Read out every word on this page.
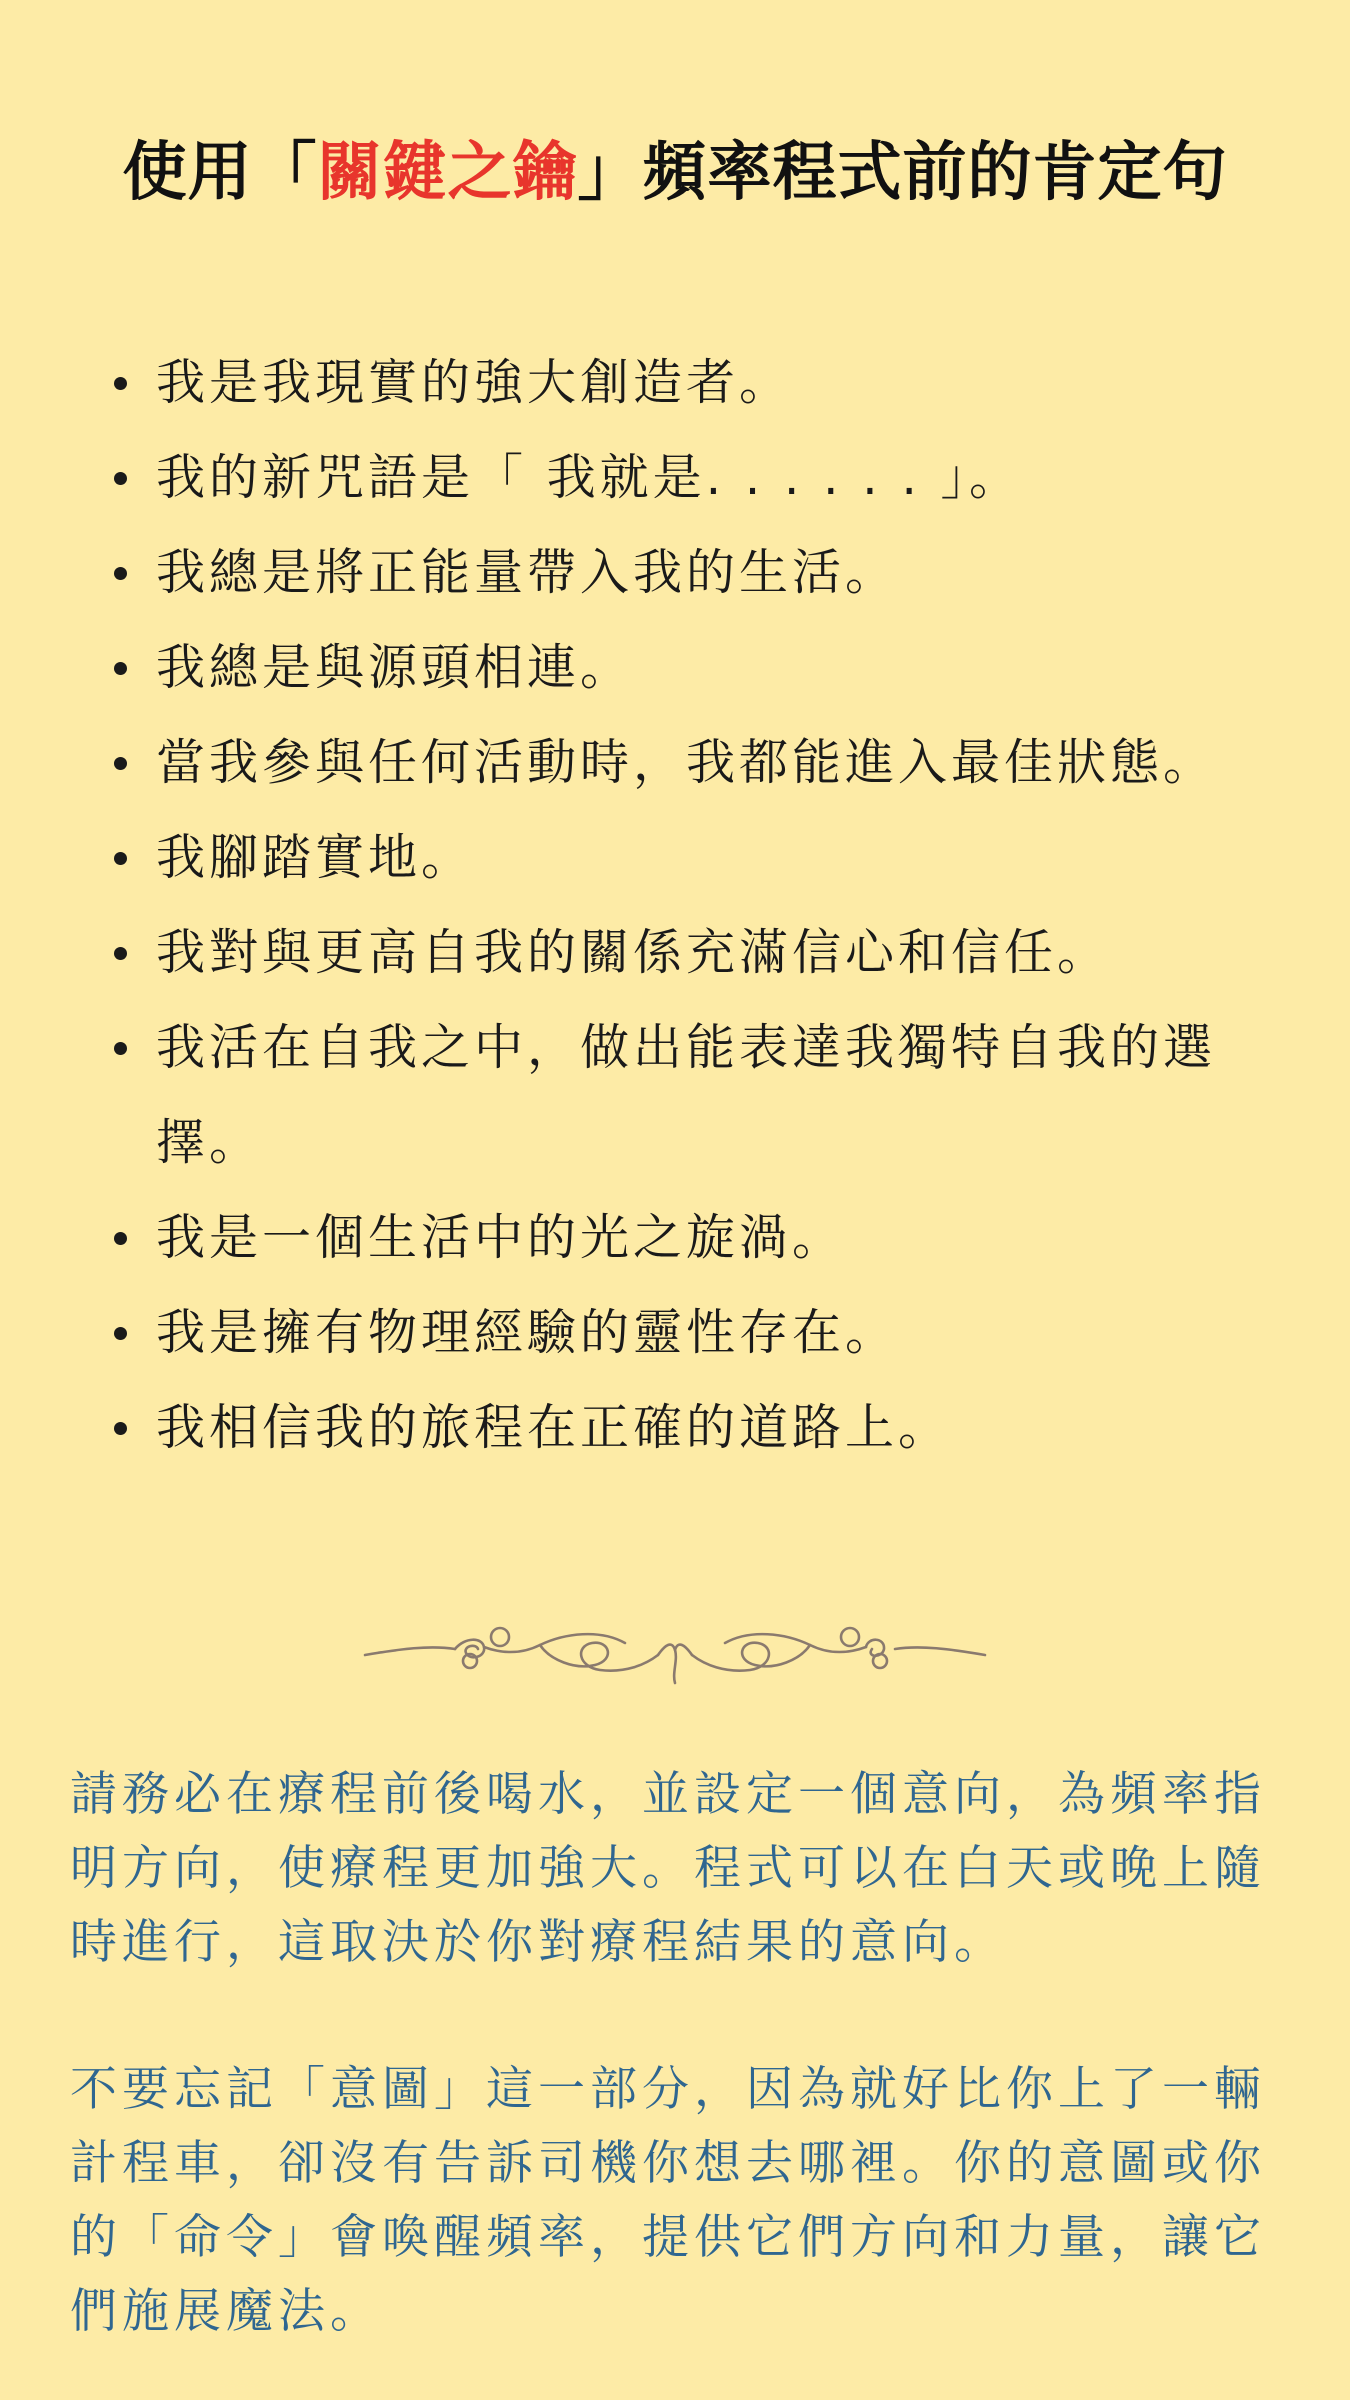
使用「關鍵之鑰」頻率程式前的肯定句
我是我現實的強大創造者。
我的新咒語是「 我就是. . . . . . 」。
我總是將正能量帶入我的生活。
我總是與源頭相連。
當我參與任何活動時，我都能進入最佳狀態。
我腳踏實地。
我對與更高自我的關係充滿信心和信任。
我活在自我之中，做出能表達我獨特自我的選擇。
我是一個生活中的光之旋渦。
我是擁有物理經驗的靈性存在。
我相信我的旅程在正確的道路上。

請務必在療程前後喝水，並設定一個意向，為頻率指明方向，使療程更加強大。程式可以在白天或晚上隨時進行，這取決於你對療程結果的意向。

不要忘記「意圖」這一部分，因為就好比你上了一輛計程車，卻沒有告訴司機你想去哪裡。你的意圖或你的「命令」會喚醒頻率，提供它們方向和力量，讓它們施展魔法。
